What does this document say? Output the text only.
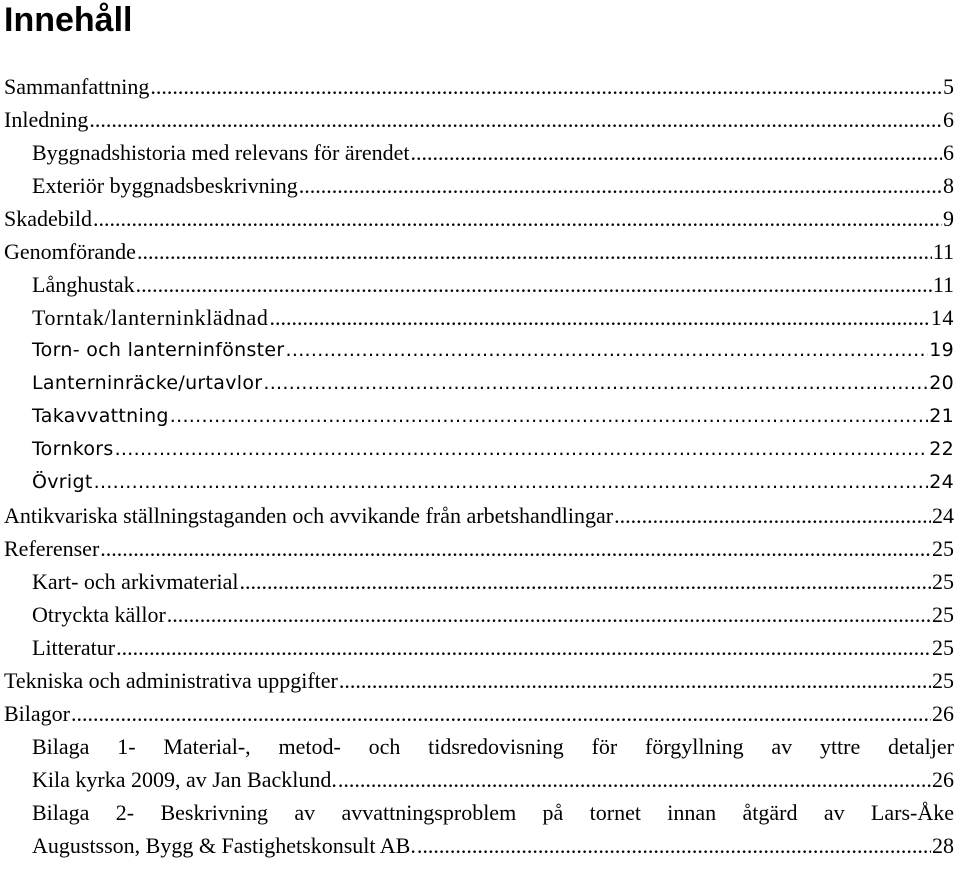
Innehåll
Sammanfattning .....	5
Inledning .....	6
Byggnadshistoria med relevans för ärendet .....	6
Exteriör byggnadsbeskrivning .....	8
Skadebild .....	9
Genomförande .....	11
Långhustak .....	11
Torntak/lanterninklädnad .....	14
Torn- och lanterninfönster .....	19
Lanterninräcke/urtavlor .....	20
Takavvattning .....	21
Tornkors .....	22
Övrigt .....	24
Antikvariska ställningstaganden och avvikande från arbetshandlingar .....	24
Referenser .....	25
Kart- och arkivmaterial .....	25
Otryckta källor .....	25
Litteratur .....	25
Tekniska och administrativa uppgifter .....	25
Bilagor .....	26
Bilaga 1- Material-, metod- och tidsredovisning för förgyllning av yttre detaljer
Kila kyrka 2009, av Jan Backlund. .....	26
Bilaga 2- Beskrivning av avvattningsproblem på tornet innan åtgärd av Lars-Åke
Augustsson, Bygg & Fastighetskonsult AB. .....	28
